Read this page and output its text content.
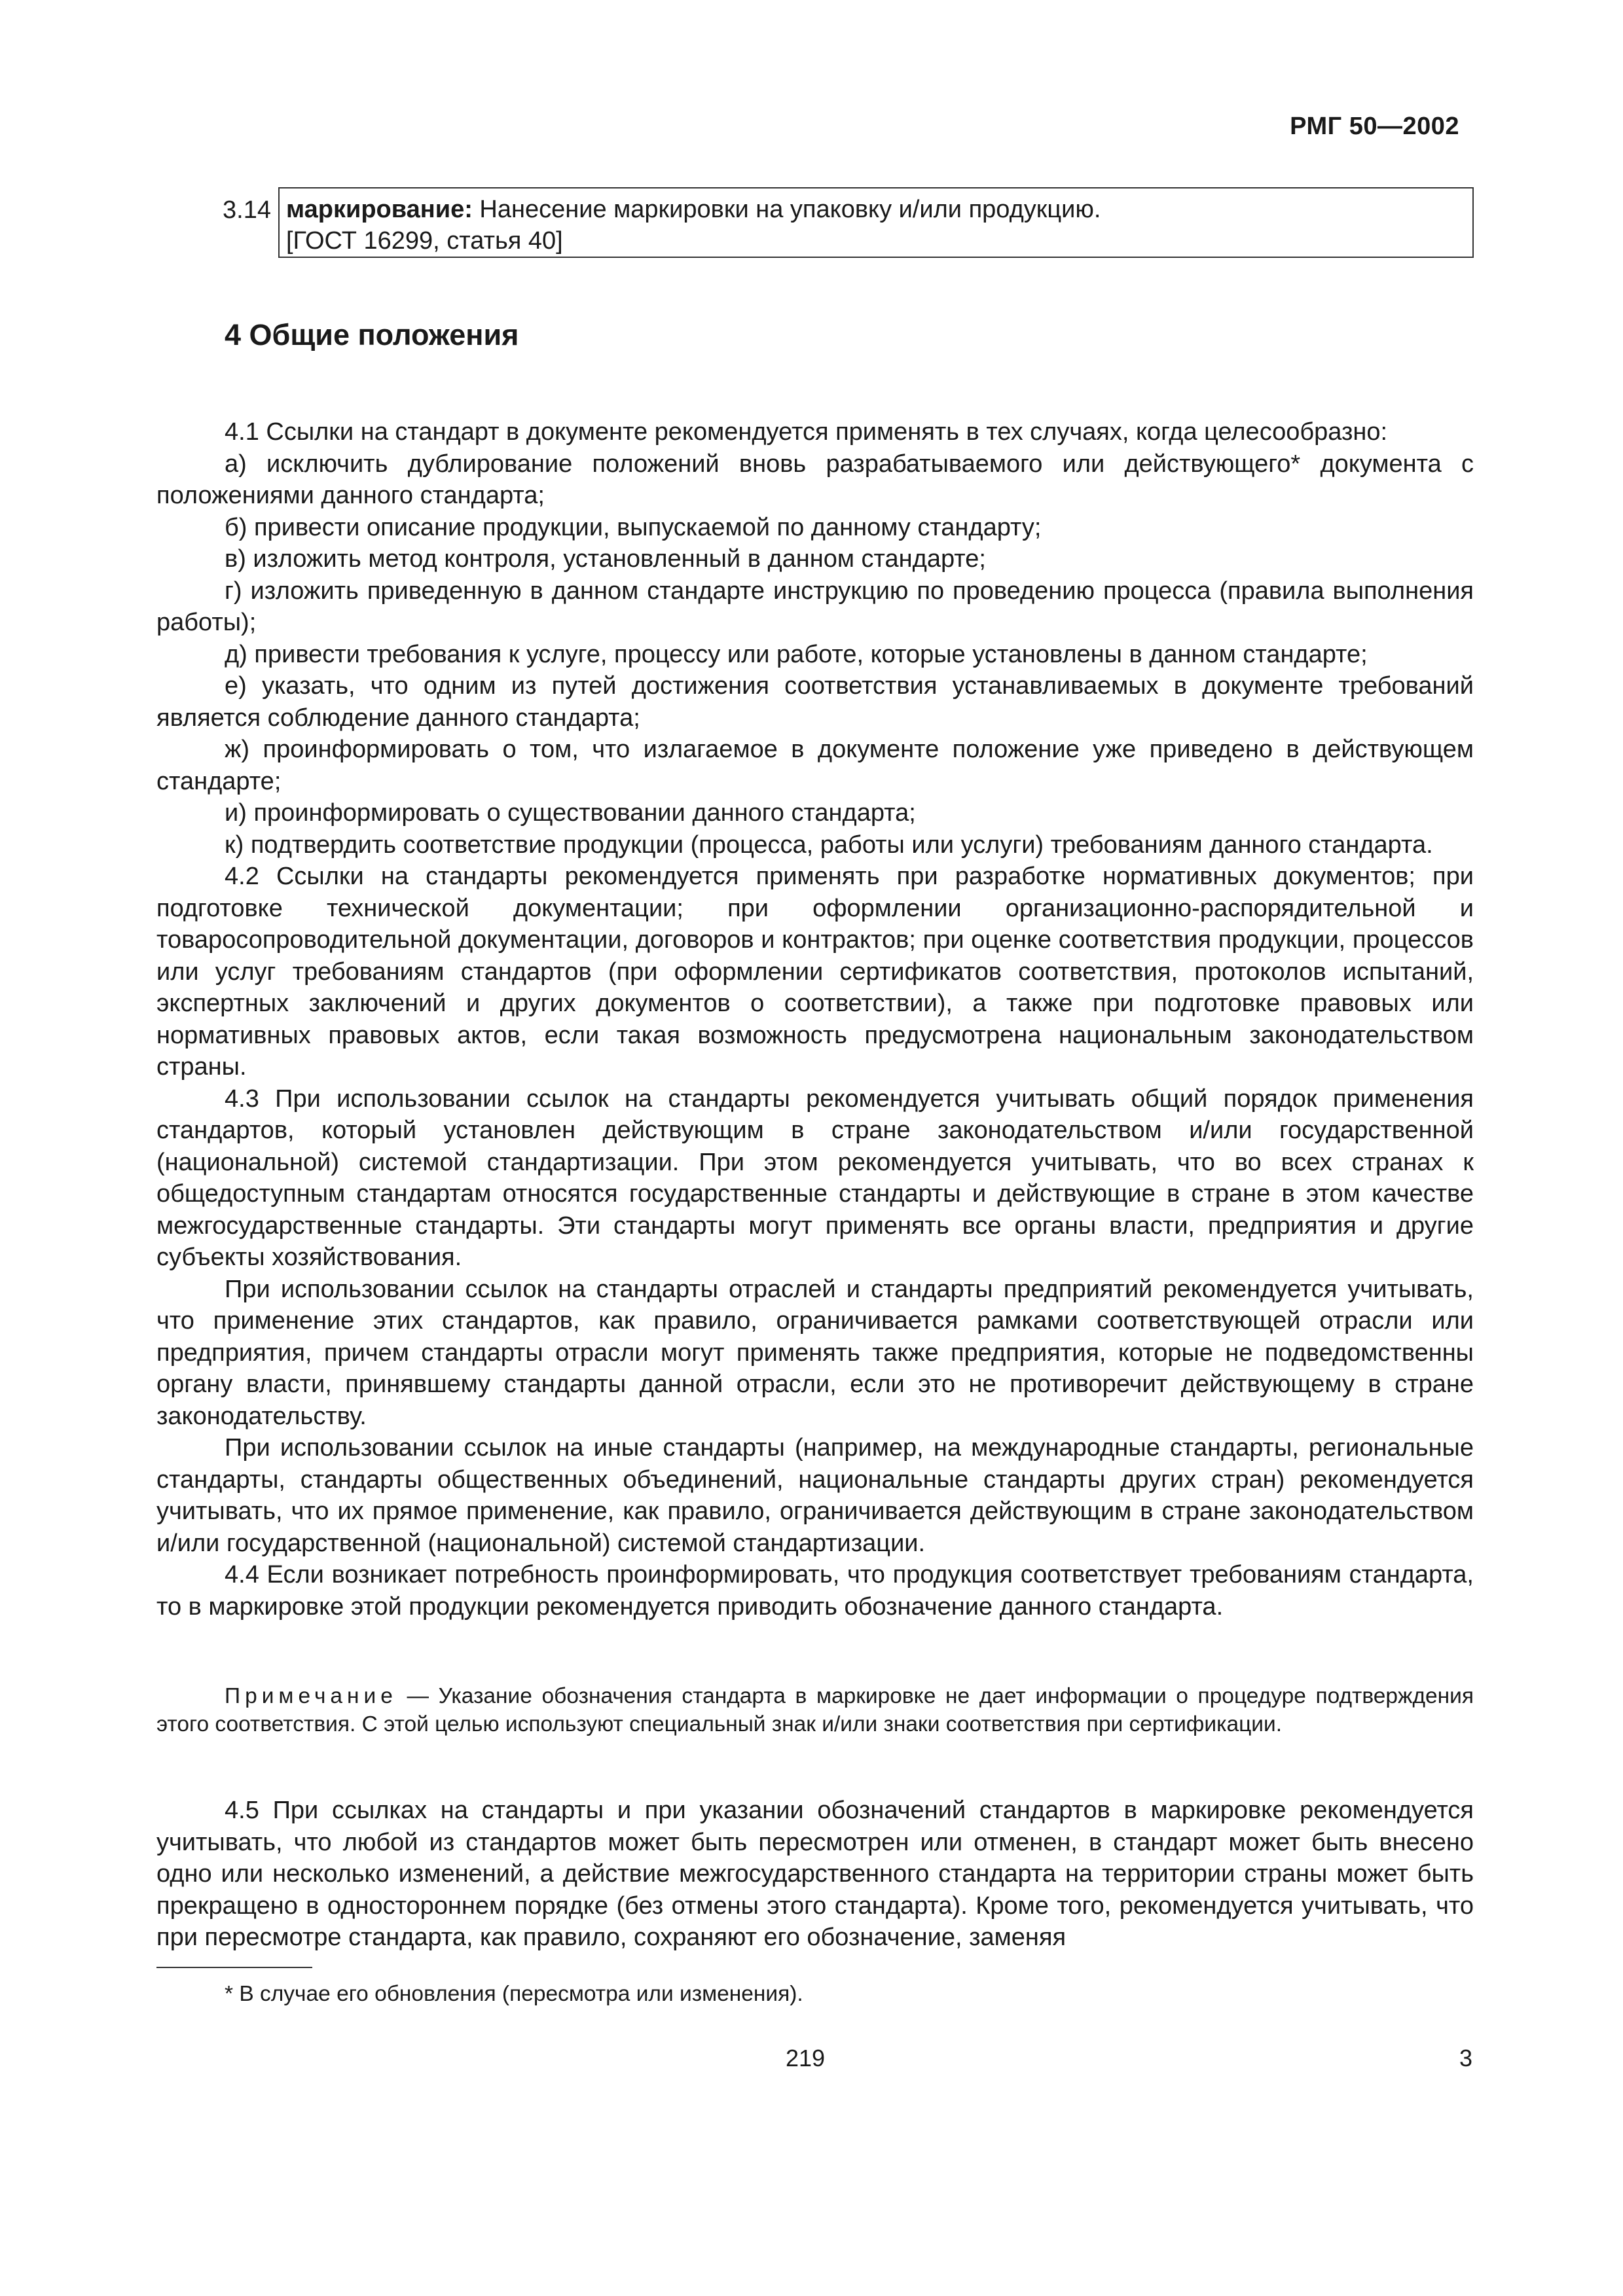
РМГ 50—2002
3.14 маркирование: Нанесение маркировки на упаковку и/или продукцию.

[ГОСТ 16299, статья 40]

4 Общие положения

4.1 Ссылки на стандарт в документе рекомендуется применять в тех случаях, когда целесообразно:

а) исключить дублирование положений вновь разрабатываемого или действующего* документа с положениями данного стандарта;

б) привести описание продукции, выпускаемой по данному стандарту;

в) изложить метод контроля, установленный в данном стандарте;

г) изложить приведенную в данном стандарте инструкцию по проведению процесса (правила выполнения работы);

д) привести требования к услуге, процессу или работе, которые установлены в данном стандарте;

е) указать, что одним из путей достижения соответствия устанавливаемых в документе требований является соблюдение данного стандарта;

ж) проинформировать о том, что излагаемое в документе положение уже приведено в действующем стандарте;

и) проинформировать о существовании данного стандарта;

к) подтвердить соответствие продукции (процесса, работы или услуги) требованиям данного стандарта.

4.2 Ссылки на стандарты рекомендуется применять при разработке нормативных документов; при подготовке технической документации; при оформлении организационно-распорядительной и товаросопроводительной документации, договоров и контрактов; при оценке соответствия продукции, процессов или услуг требованиям стандартов (при оформлении сертификатов соответствия, протоколов испытаний, экспертных заключений и других документов о соответствии), а также при подготовке правовых или нормативных правовых актов, если такая возможность предусмотрена национальным законодательством страны.

4.3 При использовании ссылок на стандарты рекомендуется учитывать общий порядок применения стандартов, который установлен действующим в стране законодательством и/или государственной (национальной) системой стандартизации. При этом рекомендуется учитывать, что во всех странах к общедоступным стандартам относятся государственные стандарты и действующие в стране в этом качестве межгосударственные стандарты. Эти стандарты могут применять все органы власти, предприятия и другие субъекты хозяйствования.

При использовании ссылок на стандарты отраслей и стандарты предприятий рекомендуется учитывать, что применение этих стандартов, как правило, ограничивается рамками соответствующей отрасли или предприятия, причем стандарты отрасли могут применять также предприятия, которые не подведомственны органу власти, принявшему стандарты данной отрасли, если это не противоречит действующему в стране законодательству.

При использовании ссылок на иные стандарты (например, на международные стандарты, региональные стандарты, стандарты общественных объединений, национальные стандарты других стран) рекомендуется учитывать, что их прямое применение, как правило, ограничивается действующим в стране законодательством и/или государственной (национальной) системой стандартизации.

4.4 Если возникает потребность проинформировать, что продукция соответствует требованиям стандарта, то в маркировке этой продукции рекомендуется приводить обозначение данного стандарта.

Примечание — Указание обозначения стандарта в маркировке не дает информации о процедуре подтверждения этого соответствия. С этой целью используют специальный знак и/или знаки соответствия при сертификации.

4.5 При ссылках на стандарты и при указании обозначений стандартов в маркировке рекомендуется учитывать, что любой из стандартов может быть пересмотрен или отменен, в стандарт может быть внесено одно или несколько изменений, а действие межгосударственного стандарта на территории страны может быть прекращено в одностороннем порядке (без отмены этого стандарта). Кроме того, рекомендуется учитывать, что при пересмотре стандарта, как правило, сохраняют его обозначение, заменяя

* В случае его обновления (пересмотра или изменения).
219	3
